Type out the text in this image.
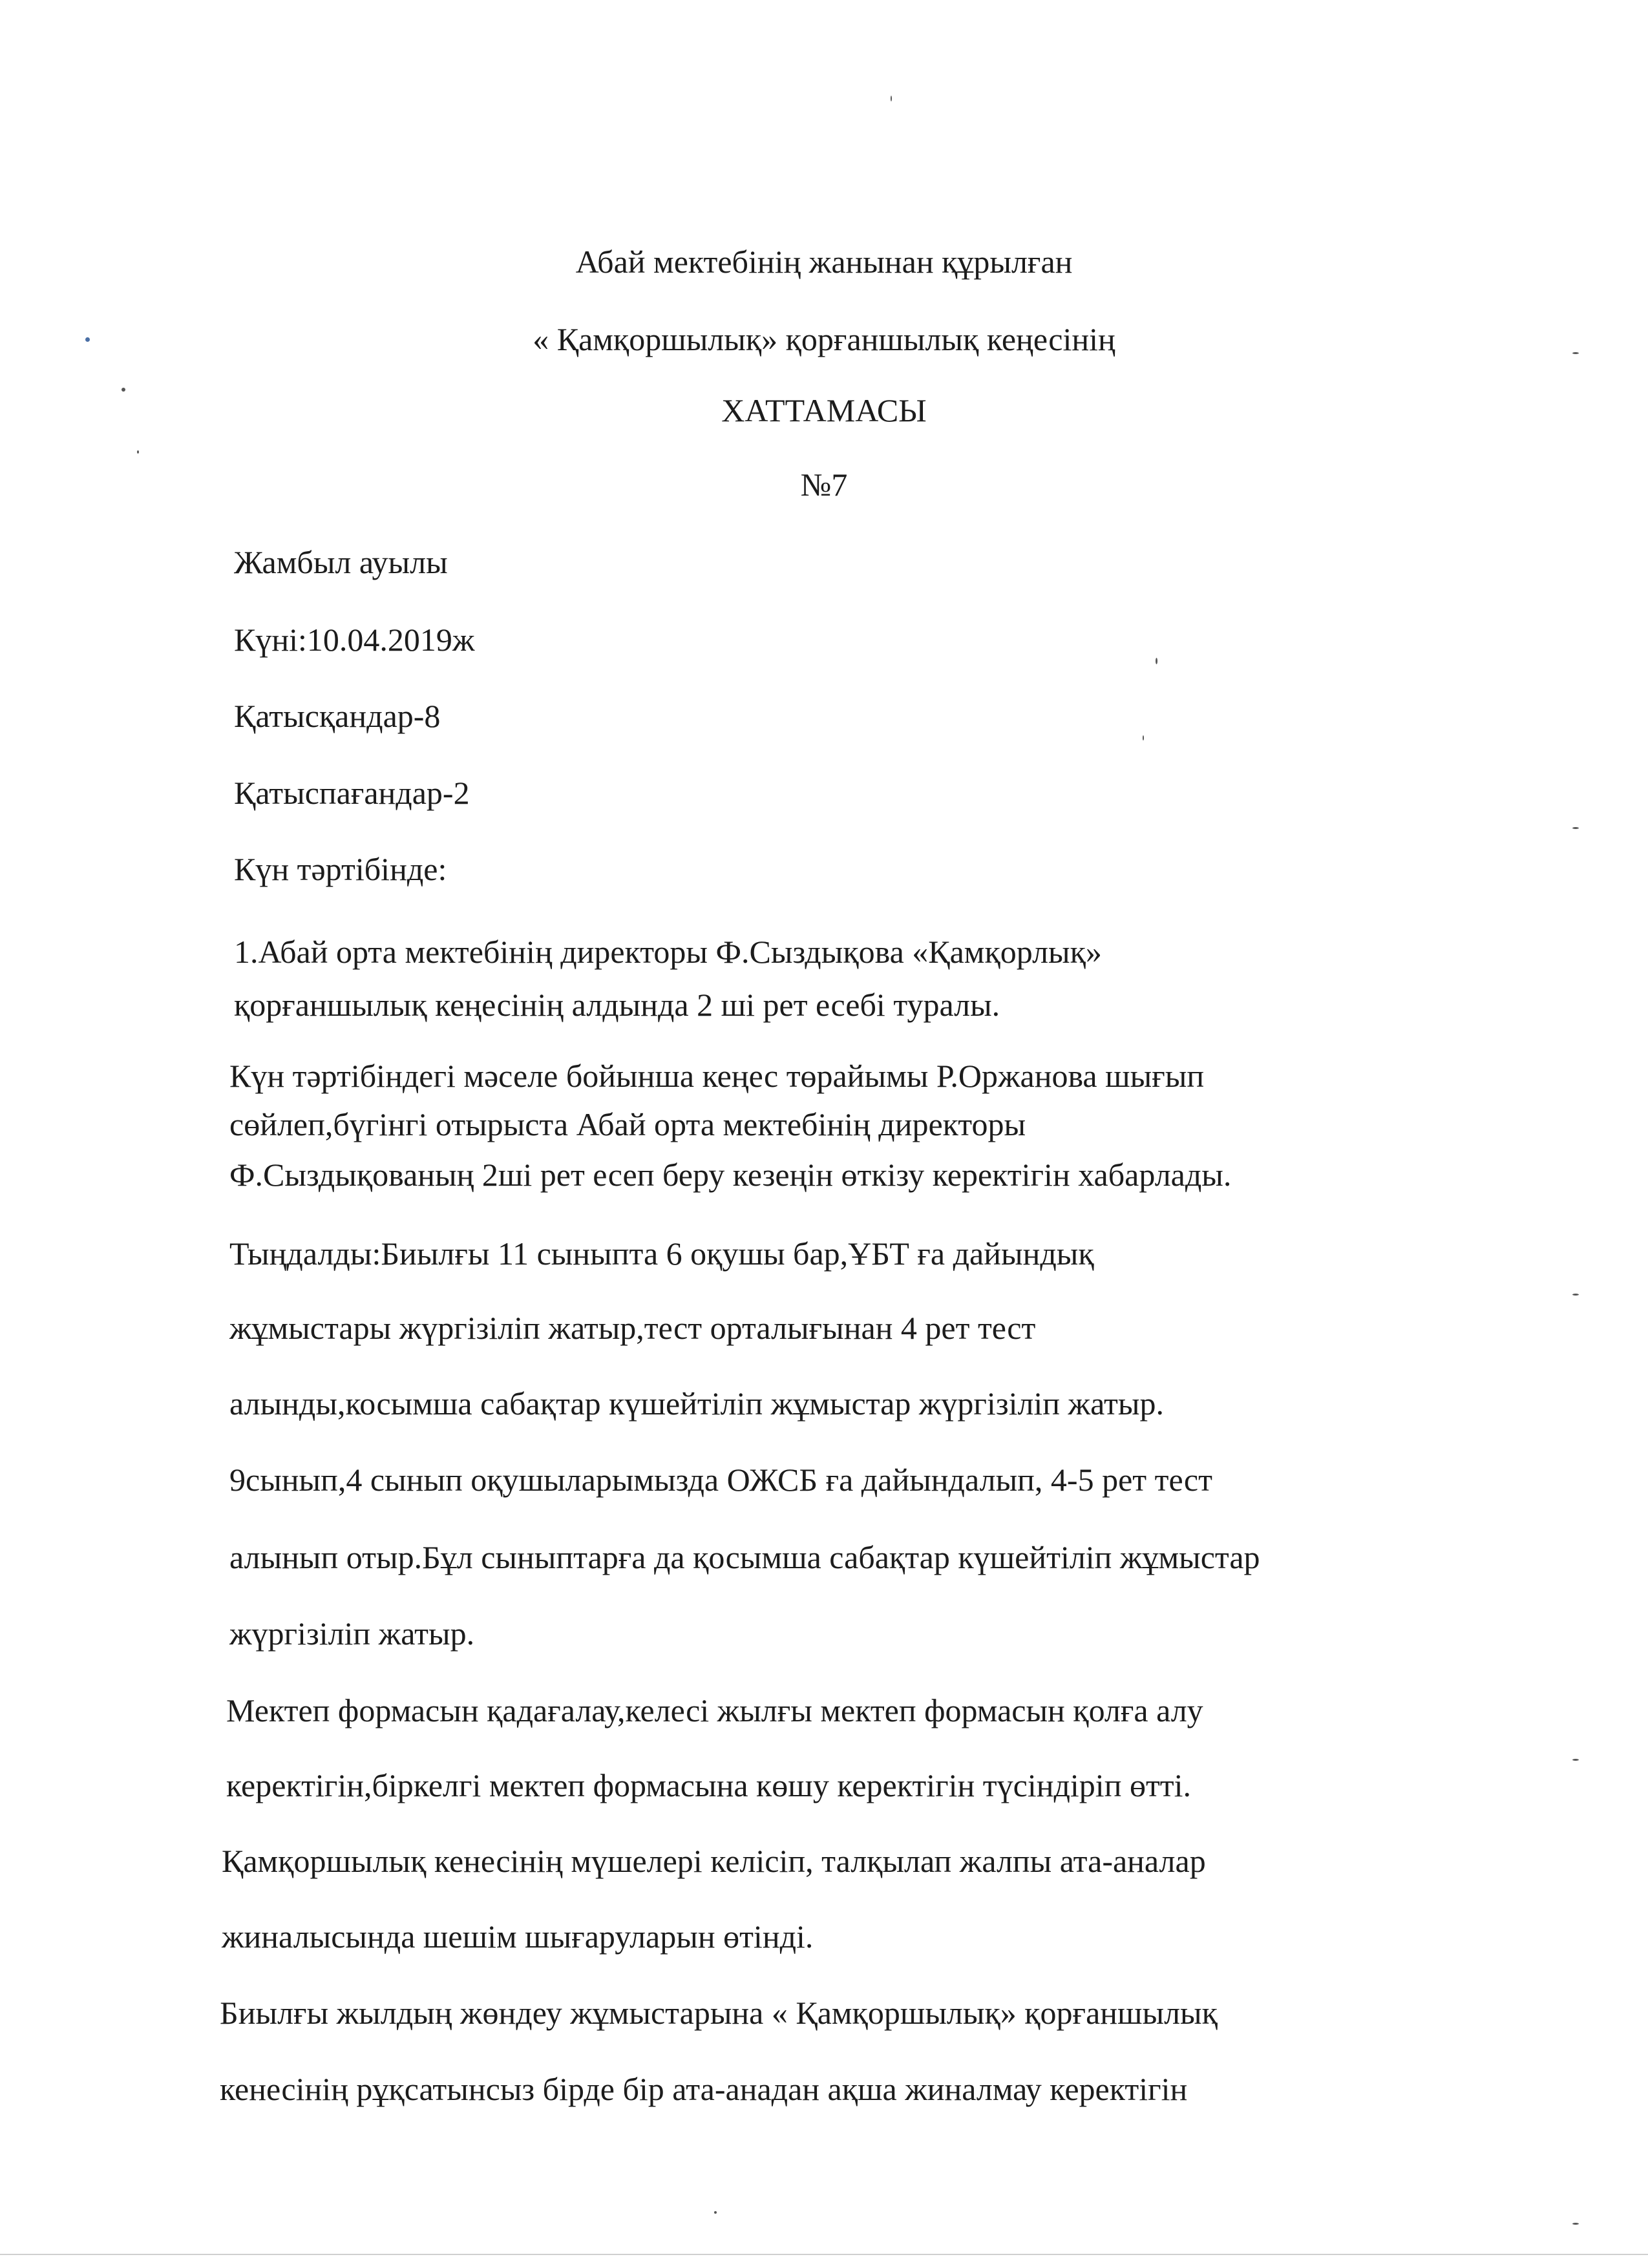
Абай мектебінің жанынан құрылған

« Қамқоршылық» қорғаншылық кеңесінің

ХАТТАМАСЫ

№7

Жамбыл ауылы

Күні:10.04.2019ж

Қатысқандар-8

Қатыспағандар-2

Күн тәртібінде:

1.Абай орта мектебінің директоры Ф.Сыздықова «Қамқорлық»

қорғаншылық кеңесінің алдында 2 ші рет есебі туралы.

Күн тәртібіндегі мәселе бойынша кеңес төрайымы Р.Оржанова шығып

сөйлеп,бүгінгі отырыста Абай орта мектебінің директоры

Ф.Сыздықованың 2ші рет есеп беру кезеңін өткізу керектігін хабарлады.

Тыңдалды:Биылғы 11 сыныпта 6 оқушы бар,ҰБТ ға дайындық

жұмыстары жүргізіліп жатыр,тест орталығынан 4 рет тест

алынды,косымша сабақтар күшейтіліп жұмыстар жүргізіліп жатыр.

9сынып,4 сынып оқушыларымызда ОЖСБ ға дайындалып, 4-5 рет тест

алынып отыр.Бұл сыныптарға да қосымша сабақтар күшейтіліп жұмыстар

жүргізіліп жатыр.

Мектеп формасын қадағалау,келесі жылғы мектеп формасын қолға алу

керектігін,біркелгі мектеп формасына көшу керектігін түсіндіріп өтті.

Қамқоршылық кенесінің мүшелері келісіп, талқылап жалпы ата-аналар

жиналысында шешім шығаруларын өтінді.

Биылғы жылдың жөндеу жұмыстарына « Қамқоршылық» қорғаншылық

кенесінің рұқсатынсыз бірде бір ата-анадан ақша жиналмау керектігін
